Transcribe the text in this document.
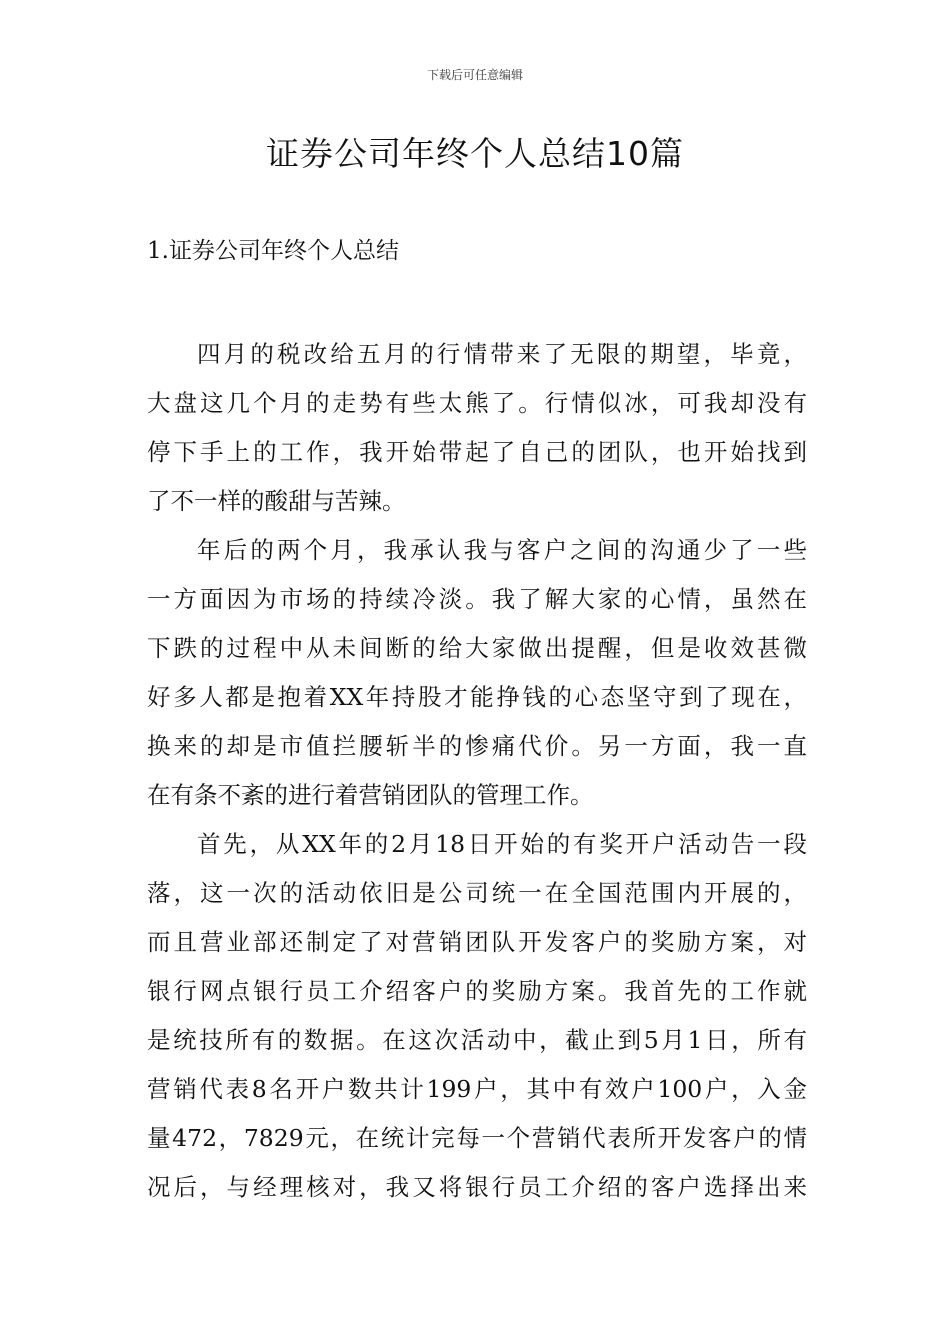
下载后可任意编辑
证券公司年终个人总结10篇
1.证券公司年终个人总结
四月的税改给五月的行情带来了无限的期望，毕竟，
大盘这几个月的走势有些太熊了。行情似冰，可我却没有
停下手上的工作，我开始带起了自己的团队，也开始找到
了不一样的酸甜与苦辣。
年后的两个月，我承认我与客户之间的沟通少了一些
一方面因为市场的持续冷淡。我了解大家的心情，虽然在
下跌的过程中从未间断的给大家做出提醒，但是收效甚微
好多人都是抱着XX年持股才能挣钱的心态坚守到了现在，
换来的却是市值拦腰斩半的惨痛代价。另一方面，我一直
在有条不紊的进行着营销团队的管理工作。
首先，从XX年的2月18日开始的有奖开户活动告一段
落，这一次的活动依旧是公司统一在全国范围内开展的，
而且营业部还制定了对营销团队开发客户的奖励方案，对
银行网点银行员工介绍客户的奖励方案。我首先的工作就
是统技所有的数据。在这次活动中，截止到5月1日，所有
营销代表8名开户数共计199户，其中有效户100户，入金
量472，7829元，在统计完每一个营销代表所开发客户的情
况后，与经理核对，我又将银行员工介绍的客户选择出来
